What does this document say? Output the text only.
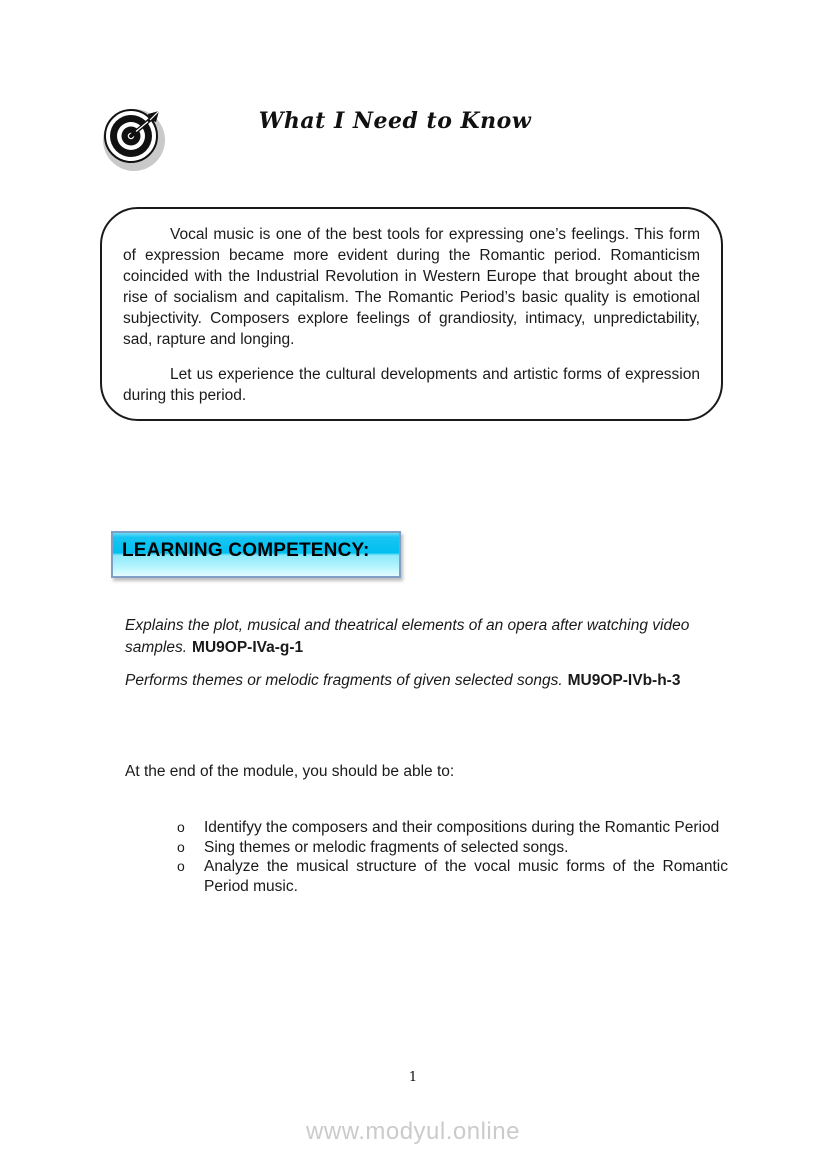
What I Need to Know

Vocal music is one of the best tools for expressing one’s feelings. This form of expression became more evident during the Romantic period. Romanticism coincided with the Industrial Revolution in Western Europe that brought about the rise of socialism and capitalism. The Romantic Period’s basic quality is emotional subjectivity. Composers explore feelings of grandiosity, intimacy, unpredictability, sad, rapture and longing.

Let us experience the cultural developments and artistic forms of expression during this period.

LEARNING COMPETENCY:

Explains the plot, musical and theatrical elements of an opera after watching video samples. MU9OP-IVa-g-1

Performs themes or melodic fragments of given selected songs. MU9OP-IVb-h-3

At the end of the module, you should be able to:

o	Identifyy the composers and their compositions during the Romantic Period
o	Sing themes or melodic fragments of selected songs.
o	Analyze the musical structure of the vocal music forms of the Romantic Period music.
1
www.modyul.online
